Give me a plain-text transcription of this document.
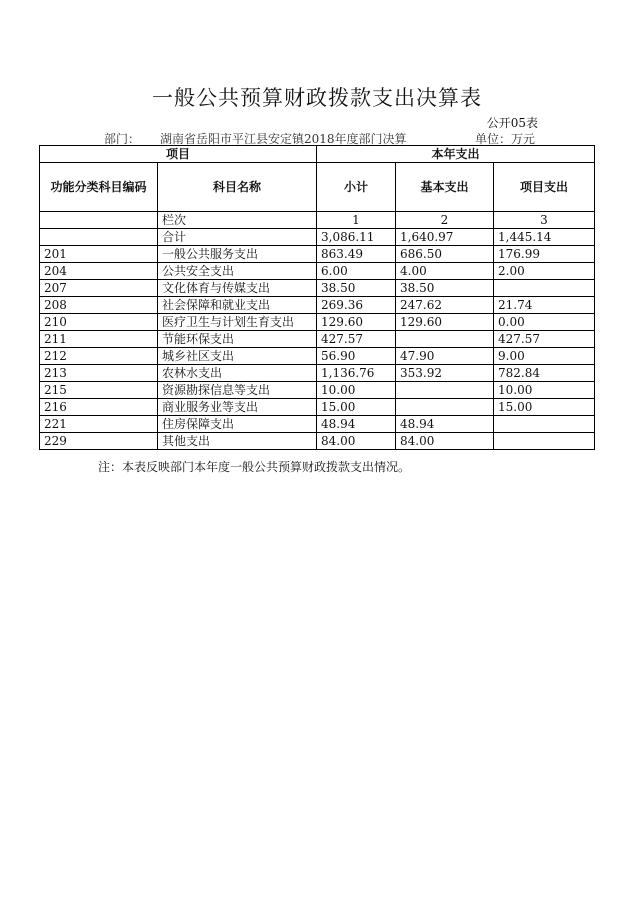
一般公共预算财政拨款支出决算表
公开05表
部门： 湖南省岳阳市平江县安定镇2018年度部门决算	单位：万元
项目		本年支出		
功能分类科目编码	科目名称	小计	基本支出	项目支出
	栏次	1	2	3
	合计	3,086.11	1,640.97	1,445.14
201	一般公共服务支出	863.49	686.50	176.99
204	公共安全支出	6.00	4.00	2.00
207	文化体育与传媒支出	38.50	38.50	
208	社会保障和就业支出	269.36	247.62	21.74
210	医疗卫生与计划生育支出	129.60	129.60	0.00
211	节能环保支出	427.57		427.57
212	城乡社区支出	56.90	47.90	9.00
213	农林水支出	1,136.76	353.92	782.84
215	资源勘探信息等支出	10.00		10.00
216	商业服务业等支出	15.00		15.00
221	住房保障支出	48.94	48.94	
229	其他支出	84.00	84.00	
注：本表反映部门本年度一般公共预算财政拨款支出情况。
